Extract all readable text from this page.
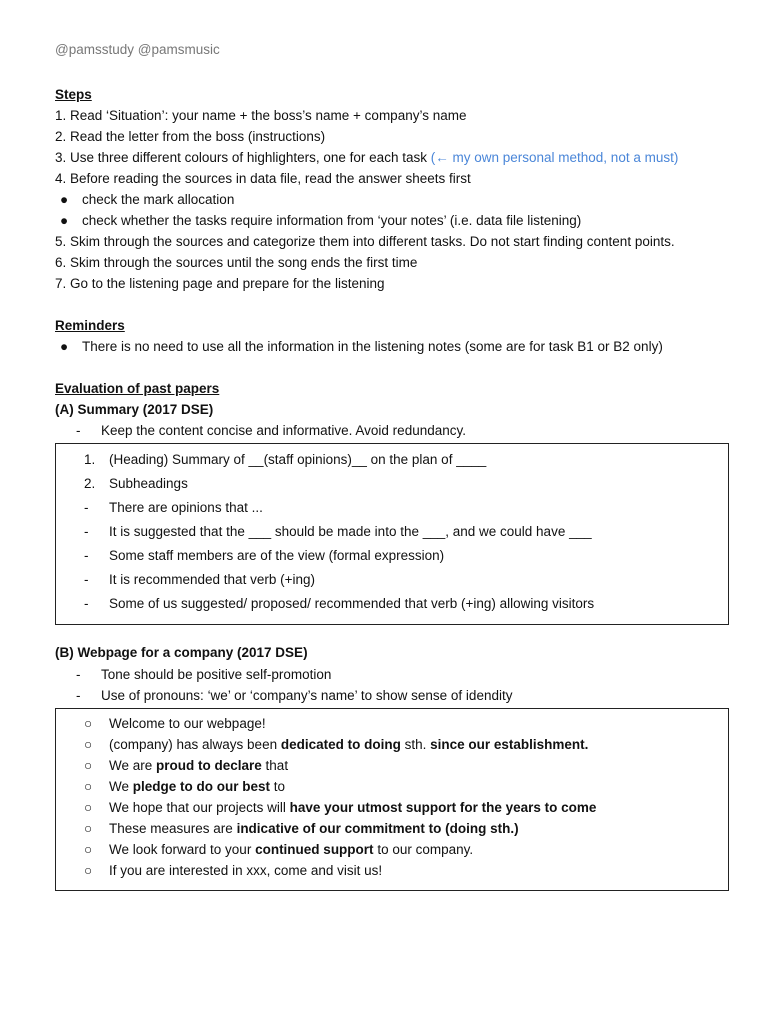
@pamsstudy @pamsmusic
Steps
1. Read ‘Situation’: your name + the boss’s name + company’s name
2. Read the letter from the boss (instructions)
3. Use three different colours of highlighters, one for each task (← my own personal method, not a must)
4. Before reading the sources in data file, read the answer sheets first
● check the mark allocation
● check whether the tasks require information from ‘your notes’ (i.e. data file listening)
5. Skim through the sources and categorize them into different tasks. Do not start finding content points.
6. Skim through the sources until the song ends the first time
7. Go to the listening page and prepare for the listening
Reminders
● There is no need to use all the information in the listening notes (some are for task B1 or B2 only)
Evaluation of past papers
(A) Summary (2017 DSE)
- Keep the content concise and informative. Avoid redundancy.
1. (Heading) Summary of __(staff opinions)__ on the plan of ____
2. Subheadings
- There are opinions that ...
- It is suggested that the ___ should be made into the ___, and we could have ___
- Some staff members are of the view (formal expression)
- It is recommended that verb (+ing)
- Some of us suggested/ proposed/ recommended that verb (+ing) allowing visitors
(B) Webpage for a company (2017 DSE)
- Tone should be positive self-promotion
- Use of pronouns: ‘we’ or ‘company’s name’ to show sense of idendity
○ Welcome to our webpage!
○ (company) has always been dedicated to doing sth. since our establishment.
○ We are proud to declare that
○ We pledge to do our best to
○ We hope that our projects will have your utmost support for the years to come
○ These measures are indicative of our commitment to (doing sth.)
○ We look forward to your continued support to our company.
○ If you are interested in xxx, come and visit us!
